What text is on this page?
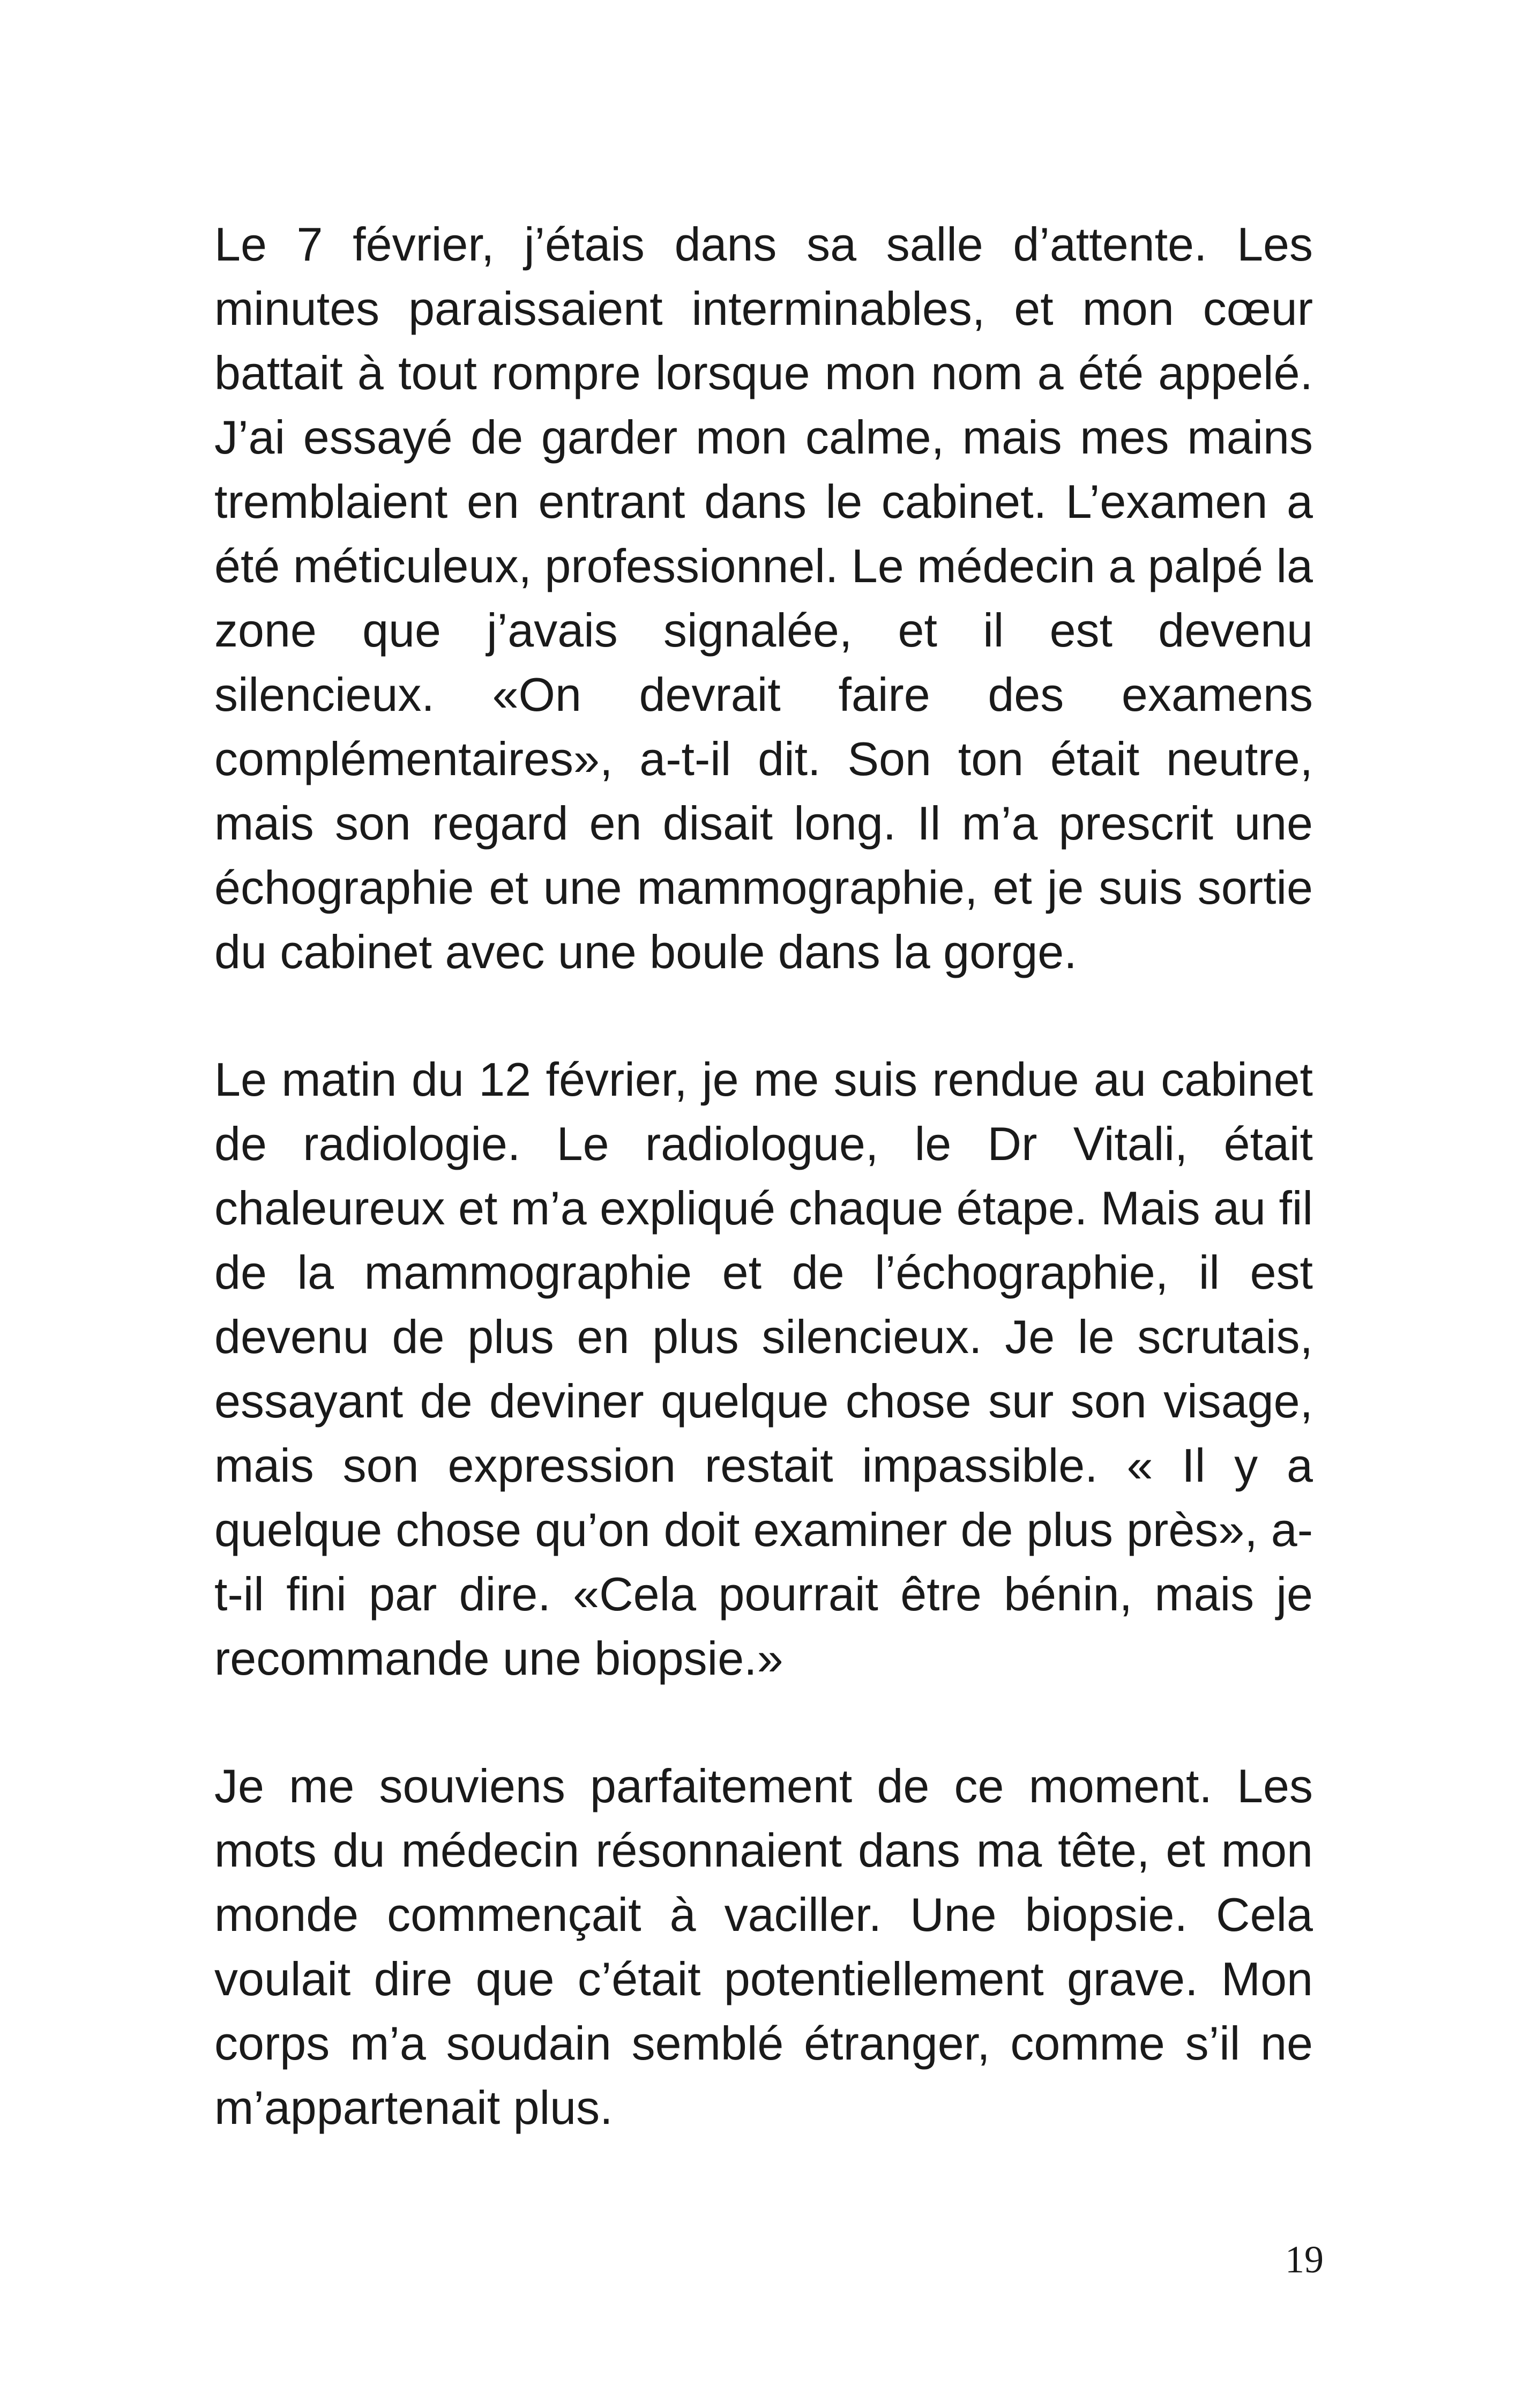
Le 7 février, j’étais dans sa salle d’attente. Les minutes paraissaient interminables, et mon cœur battait à tout rompre lorsque mon nom a été appelé. J’ai essayé de garder mon calme, mais mes mains tremblaient en entrant dans le cabinet. L’examen a été méticuleux, professionnel. Le médecin a palpé la zone que j’avais signalée, et il est devenu silencieux. «On devrait faire des examens complémentaires», a-t-il dit. Son ton était neutre, mais son regard en disait long. Il m’a prescrit une échographie et une mammographie, et je suis sortie du cabinet avec une boule dans la gorge.

Le matin du 12 février, je me suis rendue au cabinet de radiologie. Le radiologue, le Dr Vitali, était chaleureux et m’a expliqué chaque étape. Mais au fil de la mammographie et de l’échographie, il est devenu de plus en plus silencieux. Je le scrutais, essayant de deviner quelque chose sur son visage, mais son expression restait impassible. « Il y a quelque chose qu’on doit examiner de plus près», a-t-il fini par dire. «Cela pourrait être bénin, mais je recommande une biopsie.»

Je me souviens parfaitement de ce moment. Les mots du médecin résonnaient dans ma tête, et mon monde commençait à vaciller. Une biopsie. Cela voulait dire que c’était potentiellement grave. Mon corps m’a soudain semblé étranger, comme s’il ne m’appartenait plus.

19
